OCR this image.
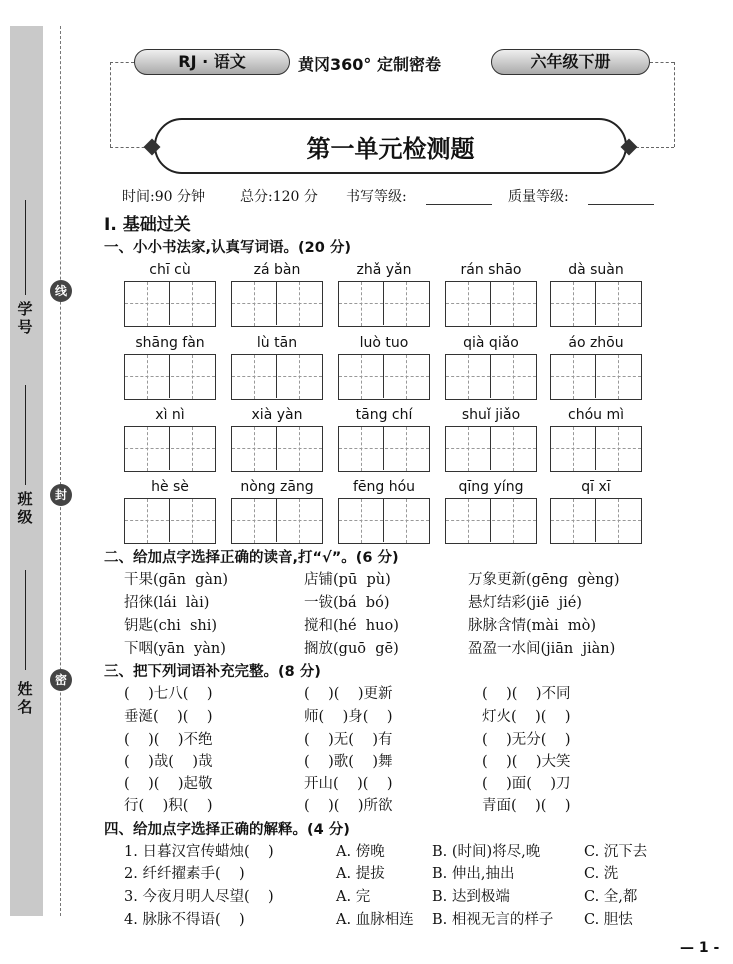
学号
班级
姓名
线
封
密
RJ · 语文	黄冈360° 定制密卷	六年级下册
第一单元检测题
时间:90 分钟	总分:120 分 书写等级:	质量等级:
Ⅰ. 基础过关
一、小小书法家,认真写词语。(20 分)
chī cù	zá bàn	zhǎ yǎn	rán shāo	dà suàn
shāng fàn	lù tān	luò tuo	qià qiǎo	áo zhōu
xì nì	xià yàn	tāng chí	shuǐ jiǎo	chóu mì
hè sè	nòng zāng	fēng hóu	qīng yíng	qī xī
二、给加点字选择正确的读音,打“√”。(6 分)
干果(gān  gàn)	店铺(pū  pù)	万象更新(gēng  gèng)
招徕(lái  lài)	一钹(bá  bó)	悬灯结彩(jiē  jié)
钥匙(chi  shi)	搅和(hé  huo)	脉脉含情(mài  mò)
下咽(yān  yàn)	搁放(guō  gē)	盈盈一水间(jiān  jiàn)
三、把下列词语补充完整。(8 分)
(    )七八(    )	(    )(    )更新	(    )(    )不同
垂涎(    )(    )	师(    )身(    )	灯火(    )(    )
(    )(    )不绝	(    )无(    )有	(    )无分(    )
(    )哉(    )哉	(    )歌(    )舞	(    )(    )大笑
(    )(    )起敬	开山(    )(    )	(    )面(    )刀
行(    )积(    )	(    )(    )所欲	青面(    )(    )
四、给加点字选择正确的解释。(4 分)
1. 日暮汉宫传蜡烛(    )	A. 傍晚	B. (时间)将尽,晚	C. 沉下去
2. 纤纤擢素手(    )	A. 提拔	B. 伸出,抽出	C. 洗
3. 今夜月明人尽望(    )	A. 完	B. 达到极端	C. 全,都
4. 脉脉不得语(    )	A. 血脉相连 B. 相视无言的样子 C. 胆怯
— 1 -
